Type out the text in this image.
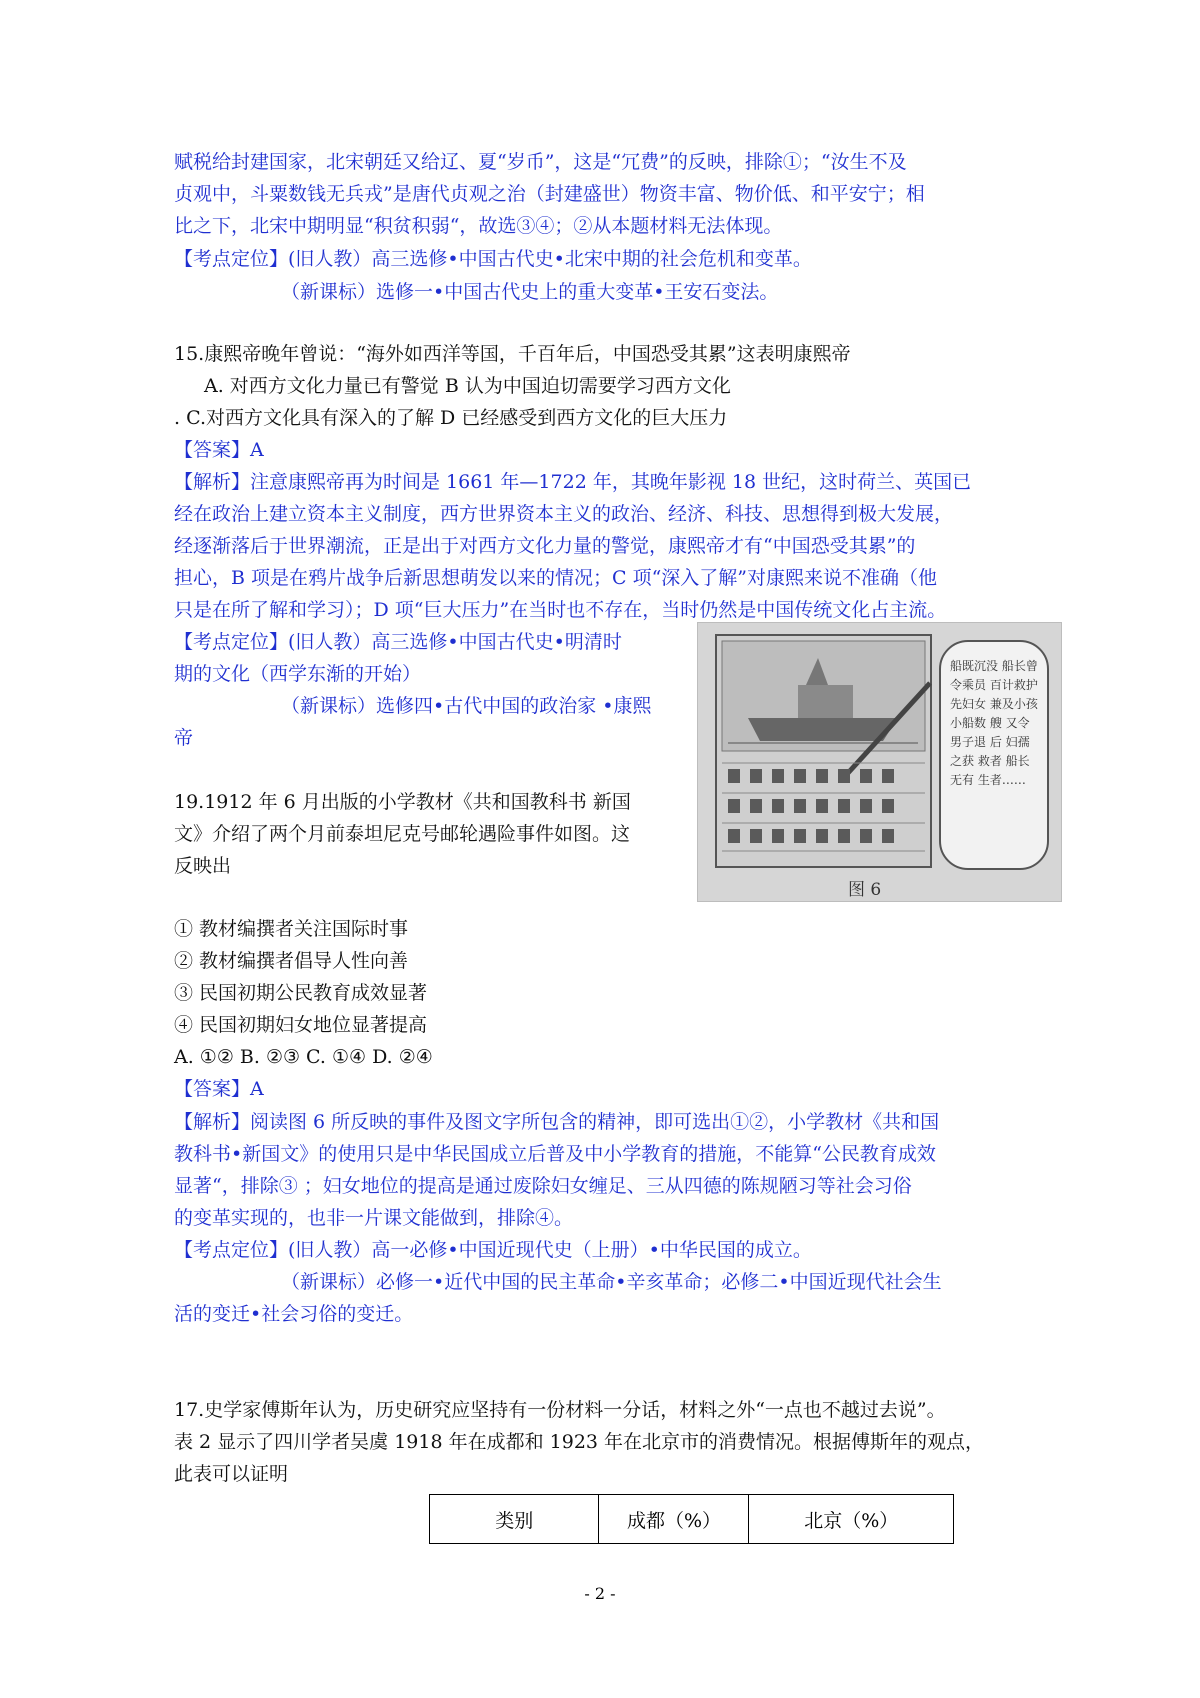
赋税给封建国家，北宋朝廷又给辽、夏“岁币”，这是“冗费”的反映，排除①；“汝生不及
贞观中，斗粟数钱无兵戎”是唐代贞观之治（封建盛世）物资丰富、物价低、和平安宁；相
比之下，北宋中期明显“积贫积弱“，故选③④；②从本题材料无法体现。
【考点定位】(旧人教）高三选修•中国古代史•北宋中期的社会危机和变革。
（新课标）选修一•中国古代史上的重大变革•王安石变法。
15.康熙帝晚年曾说：“海外如西洋等国，千百年后，中国恐受其累”这表明康熙帝
A. 对西方文化力量已有警觉 B 认为中国迫切需要学习西方文化
. C.对西方文化具有深入的了解 D 已经感受到西方文化的巨大压力
【答案】A
【解析】注意康熙帝再为时间是 1661 年—1722 年，其晚年影视 18 世纪，这时荷兰、英国已
经在政治上建立资本主义制度，西方世界资本主义的政治、经济、科技、思想得到极大发展，
经逐渐落后于世界潮流，正是出于对西方文化力量的警觉，康熙帝才有“中国恐受其累”的
担心，B 项是在鸦片战争后新思想萌发以来的情况；C 项“深入了解”对康熙来说不准确（他
只是在所了解和学习）；D 项“巨大压力”在当时也不存在，当时仍然是中国传统文化占主流。
【考点定位】(旧人教）高三选修•中国古代史•明清时
期的文化（西学东渐的开始）
（新课标）选修四•古代中国的政治家 •康熙
帝
船既沉没 船长曾令乘员 百计救护 先妇女 兼及小孩 小船数 艘 又令男子退 后 妇孺之获 救者 船长无有 生者……
图 6
19.1912 年 6 月出版的小学教材《共和国教科书 新国
文》介绍了两个月前泰坦尼克号邮轮遇险事件如图。这
反映出
① 教材编撰者关注国际时事
② 教材编撰者倡导人性向善
③ 民国初期公民教育成效显著
④ 民国初期妇女地位显著提高
A. ①② B. ②③ C. ①④ D. ②④
【答案】A
【解析】阅读图 6 所反映的事件及图文字所包含的精神，即可选出①②，小学教材《共和国
教科书•新国文》的使用只是中华民国成立后普及中小学教育的措施，不能算“公民教育成效
显著“，排除③ ；妇女地位的提高是通过废除妇女缠足、三从四德的陈规陋习等社会习俗
的变革实现的，也非一片课文能做到，排除④。
【考点定位】(旧人教）高一必修•中国近现代史（上册）•中华民国的成立。
（新课标）必修一•近代中国的民主革命•辛亥革命；必修二•中国近现代社会生
活的变迁•社会习俗的变迁。
17.史学家傅斯年认为，历史研究应坚持有一份材料一分话，材料之外“一点也不越过去说”。
表 2 显示了四川学者吴虞 1918 年在成都和 1923 年在北京市的消费情况。根据傅斯年的观点，
此表可以证明
类别	成都（%）	北京（%）
- 2 -
